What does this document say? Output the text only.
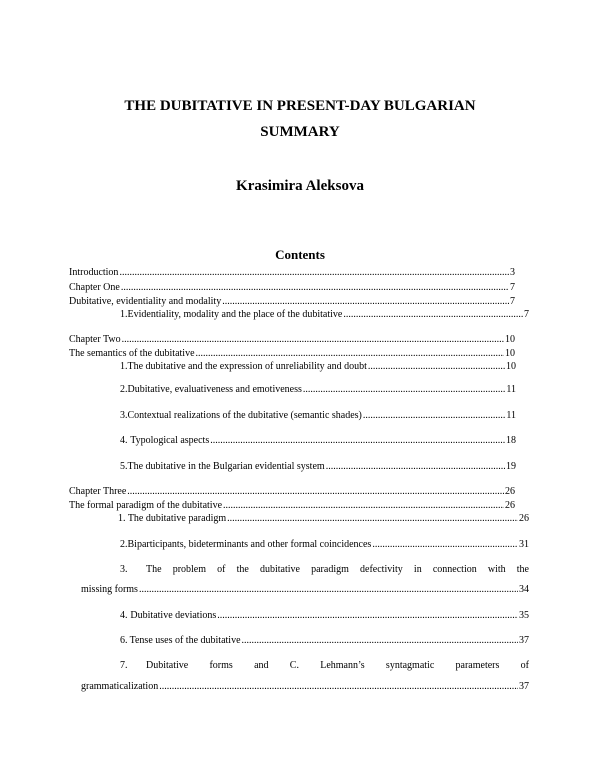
THE DUBITATIVE IN PRESENT-DAY BULGARIAN
SUMMARY
Krasimira Aleksova
Contents
Introduction .....	3
Chapter One .....	7
Dubitative, evidentiality and modality .....	7
1. Evidentiality, modality and the place of the dubitative .....	7
Chapter Two .....	10
The semantics of the dubitative .....	10
1. The dubitative and the expression of unreliability and doubt .....	10
2. Dubitative, evaluativeness and emotiveness .....	11
3. Contextual realizations of the dubitative (semantic shades) .....	11
4. Typological aspects .....	18
5. The dubitative in the Bulgarian evidential system .....	19
Chapter Three .....	26
The formal paradigm of the dubitative .....	26
1. The dubitative paradigm .....	26
2. Biparticipants, bideterminants and other formal coincidences .....	31
3.	The problem of the dubitative paradigm defectivity in connection with the
missing forms .....	34
4. Dubitative deviations .....	35
6. Tense uses of the dubitative .....	37
7.	Dubitative forms and C. Lehmann’s syntagmatic parameters of
grammaticalization .....	37
